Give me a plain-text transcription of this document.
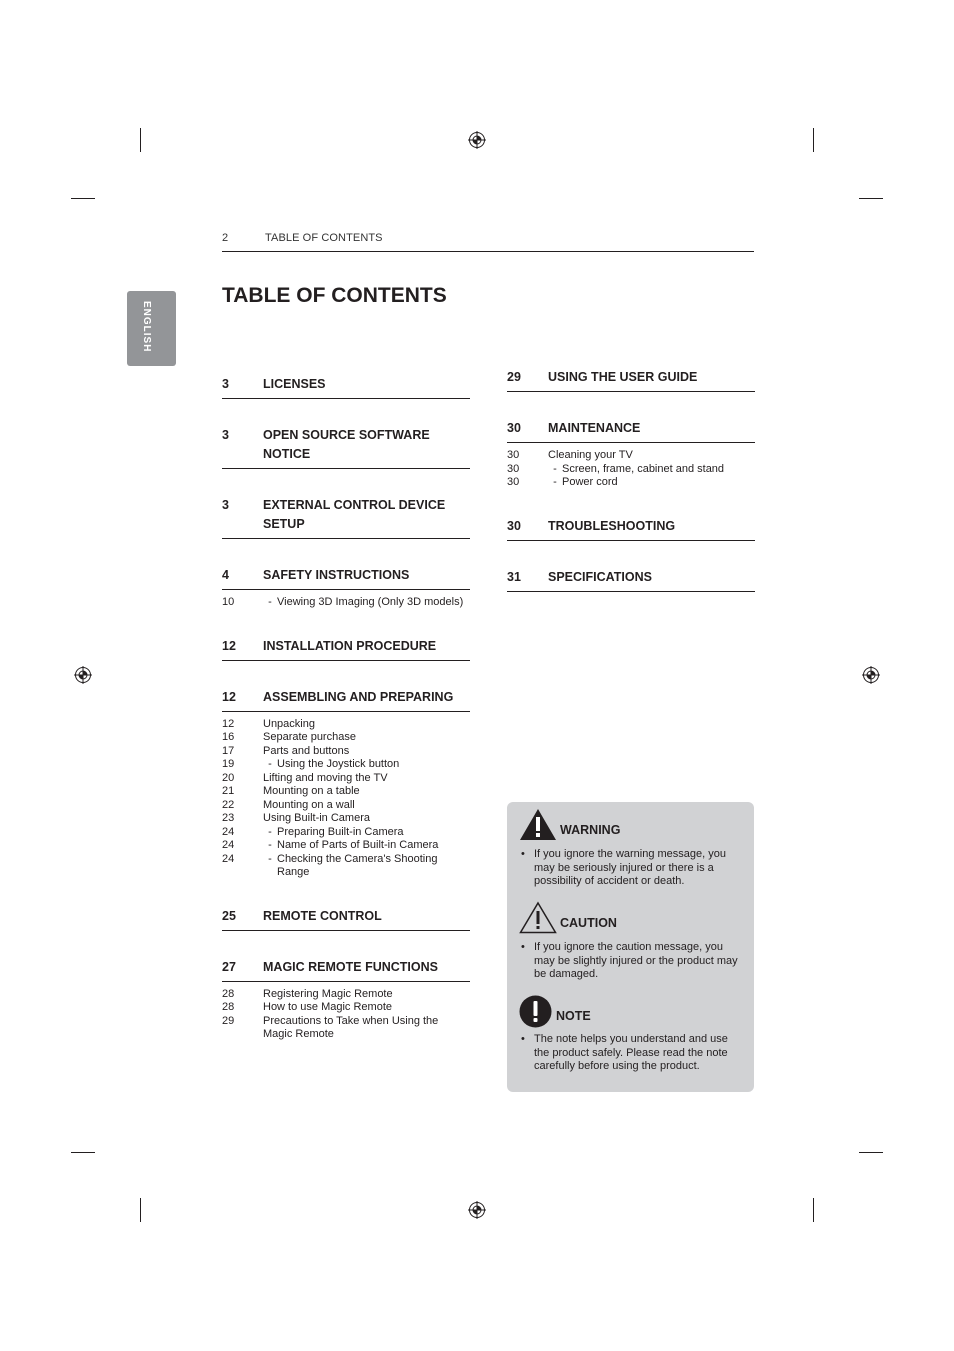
2	TABLE OF CONTENTS
ENGLISH
TABLE OF CONTENTS
3	LICENSES
3	OPEN SOURCE SOFTWARE NOTICE
3	EXTERNAL CONTROL DEVICE SETUP
4	SAFETY INSTRUCTIONS
10	- Viewing 3D Imaging (Only 3D models)
12	INSTALLATION PROCEDURE
12	ASSEMBLING AND PREPARING
12	Unpacking
16	Separate purchase
17	Parts and buttons
19	- Using the Joystick button
20	Lifting and moving the TV
21	Mounting on a table
22	Mounting on a wall
23	Using Built-in Camera
24	- Preparing Built-in Camera
24	- Name of Parts of Built-in Camera
24	- Checking the Camera's Shooting Range
25	REMOTE CONTROL
27	MAGIC REMOTE FUNCTIONS
28	Registering Magic Remote
28	How to use Magic Remote
29	Precautions to Take when Using the Magic Remote
29	USING THE USER GUIDE
30	MAINTENANCE
30	Cleaning your TV
30	- Screen, frame, cabinet and stand
30	- Power cord
30	TROUBLESHOOTING
31	SPECIFICATIONS
WARNING
• If you ignore the warning message, you may be seriously injured or there is a possibility of accident or death.
CAUTION
• If you ignore the caution message, you may be slightly injured or the product may be damaged.
NOTE
• The note helps you understand and use the product safely. Please read the note carefully before using the product.
